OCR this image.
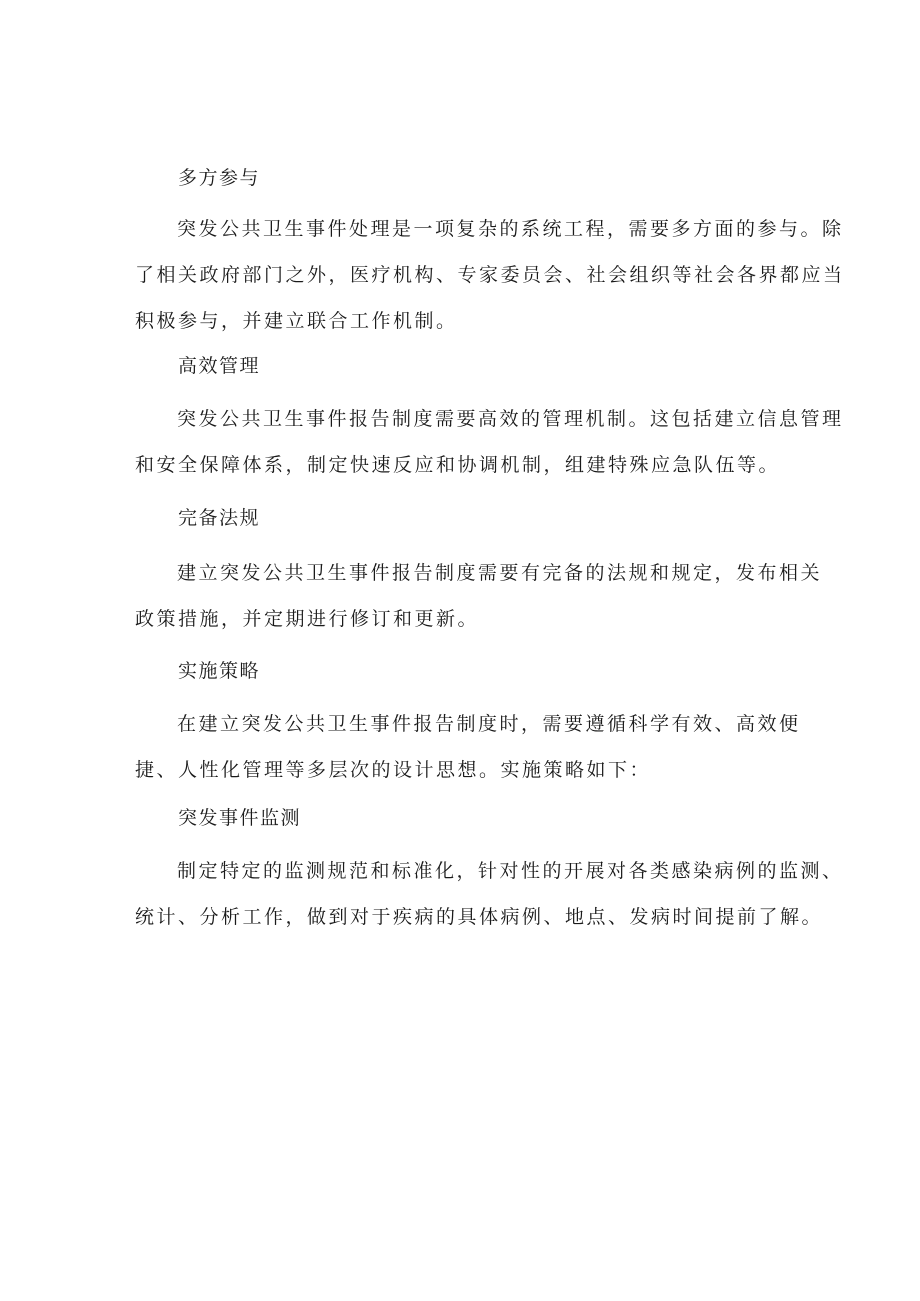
多方参与
突发公共卫生事件处理是一项复杂的系统工程，需要多方面的参与。除
了相关政府部门之外，医疗机构、专家委员会、社会组织等社会各界都应当
积极参与，并建立联合工作机制。
高效管理
突发公共卫生事件报告制度需要高效的管理机制。这包括建立信息管理
和安全保障体系，制定快速反应和协调机制，组建特殊应急队伍等。
完备法规
建立突发公共卫生事件报告制度需要有完备的法规和规定，发布相关
政策措施，并定期进行修订和更新。
实施策略
在建立突发公共卫生事件报告制度时，需要遵循科学有效、高效便
捷、人性化管理等多层次的设计思想。实施策略如下：
突发事件监测
制定特定的监测规范和标准化，针对性的开展对各类感染病例的监测、
统计、分析工作，做到对于疾病的具体病例、地点、发病时间提前了解。
